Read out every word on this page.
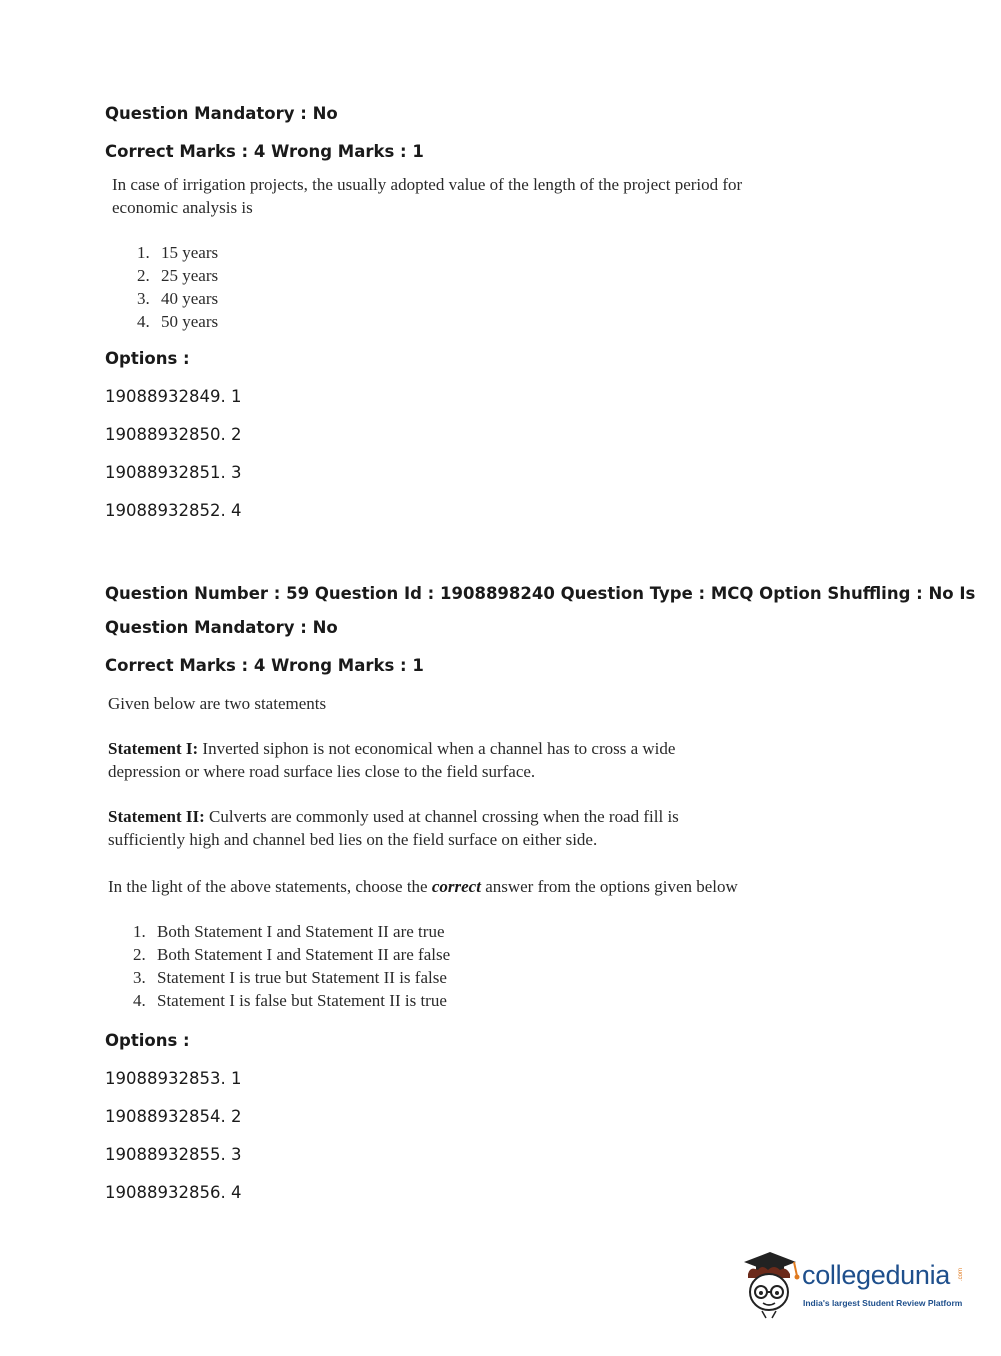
Question Mandatory : No
Correct Marks : 4 Wrong Marks : 1
In case of irrigation projects, the usually adopted value of the length of the project period for
economic analysis is
1. 15 years
2. 25 years
3. 40 years
4. 50 years
Options :
19088932849. 1
19088932850. 2
19088932851. 3
19088932852. 4
Question Number : 59 Question Id : 1908898240 Question Type : MCQ Option Shuffling : No Is
Question Mandatory : No
Correct Marks : 4 Wrong Marks : 1
Given below are two statements
Statement I: Inverted siphon is not economical when a channel has to cross a wide
depression or where road surface lies close to the field surface.
Statement II: Culverts are commonly used at channel crossing when the road fill is
sufficiently high and channel bed lies on the field surface on either side.
In the light of the above statements, choose the correct answer from the options given below
1. Both Statement I and Statement II are true
2. Both Statement I and Statement II are false
3. Statement I is true but Statement II is false
4. Statement I is false but Statement II is true
Options :
19088932853. 1
19088932854. 2
19088932855. 3
19088932856. 4
collegedunia .com
India's largest Student Review Platform
